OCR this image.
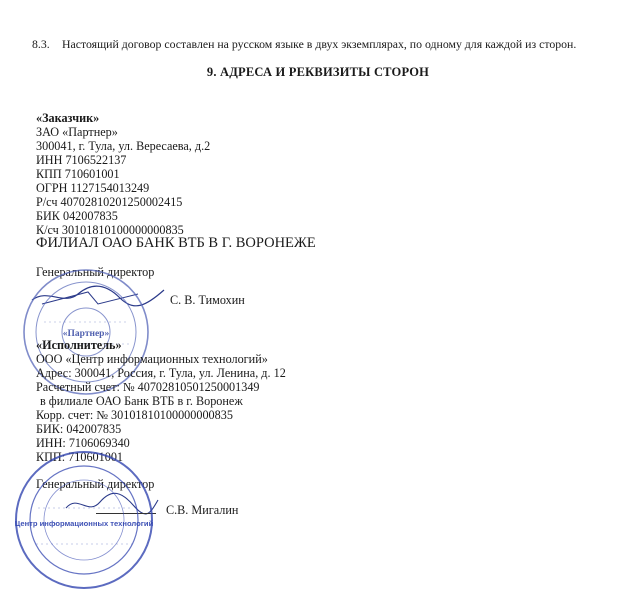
8.3. Настоящий договор составлен на русском языке в двух экземплярах, по одному для каждой из сторон.
9. АДРЕСА И РЕКВИЗИТЫ СТОРОН
«Заказчик»
ЗАО «Партнер»
300041, г. Тула, ул. Вересаева, д.2
ИНН 7106522137
КПП 710601001
ОГРН 1127154013249
Р/сч 40702810201250002415
БИК 042007835
К/сч 30101810100000000835
ФИЛИАЛ ОАО БАНК ВТБ В Г. ВОРОНЕЖЕ
Генеральный директор
С. В. Тимохин
«Партнер»
«Исполнитель»
ООО «Центр информационных технологий»
Адрес: 300041, Россия, г. Тула, ул. Ленина, д. 12
Расчетный счет: № 40702810501250001349
в филиале ОАО Банк ВТБ в г. Воронеж
Корр. счет: № 30101810100000000835
БИК: 042007835
ИНН: 7106069340
КПП: 710601001
Генеральный директор
С.В. Мигалин
Центр информационных технологий
